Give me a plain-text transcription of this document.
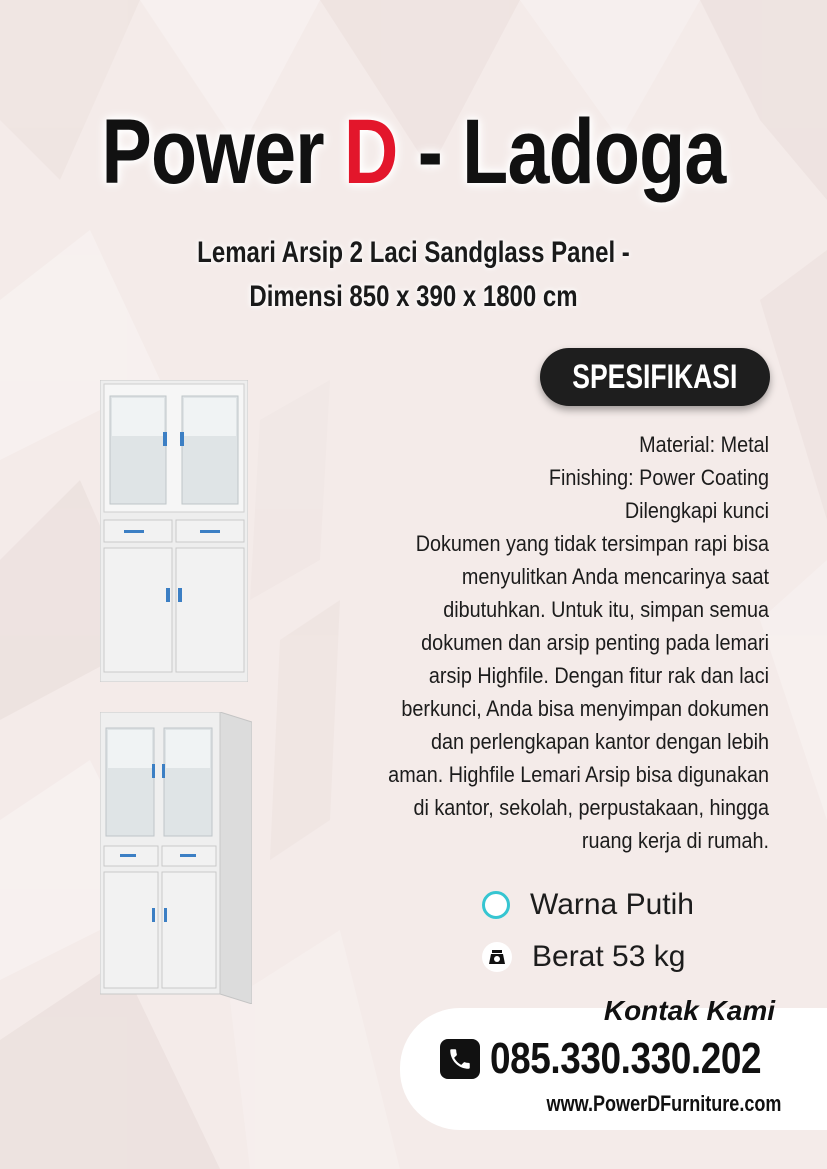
Power D - Ladoga
Lemari Arsip 2 Laci Sandglass Panel -
Dimensi 850 x 390 x 1800 cm
SPESIFIKASI
Material: Metal
Finishing: Power Coating
Dilengkapi kunci
Dokumen yang tidak tersimpan rapi bisa
menyulitkan Anda mencarinya saat
dibutuhkan. Untuk itu, simpan semua
dokumen dan arsip penting pada lemari
arsip Highfile. Dengan fitur rak dan laci
berkunci, Anda bisa menyimpan dokumen
dan perlengkapan kantor dengan lebih
aman. Highfile Lemari Arsip bisa digunakan
di kantor, sekolah, perpustakaan, hingga
ruang kerja di rumah.
Warna Putih
Berat 53 kg
Kontak Kami
085.330.330.202
www.PowerDFurniture.com
